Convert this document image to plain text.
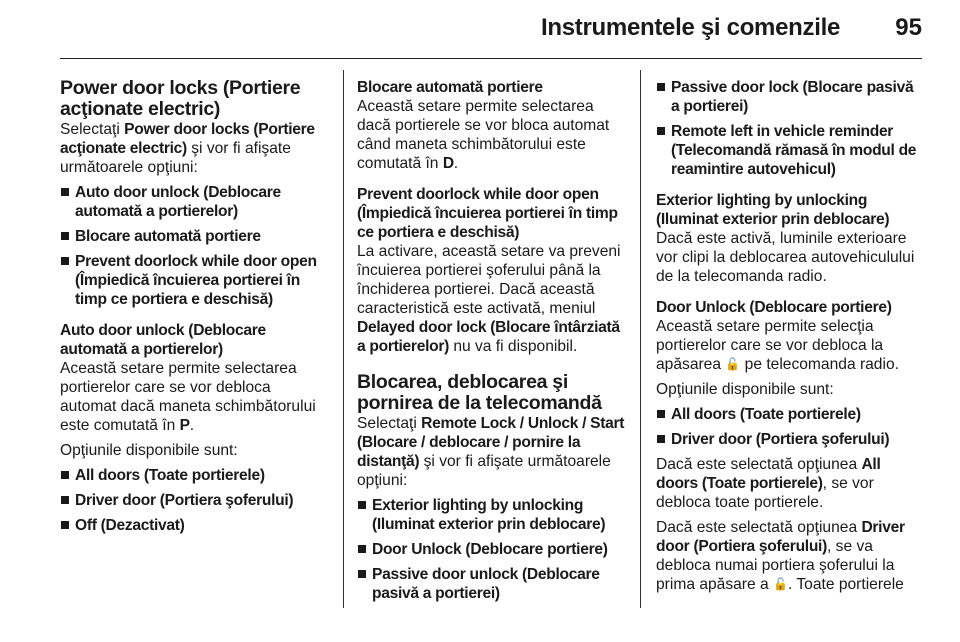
Instrumentele şi comenzile 95
Power door locks (Portiere acţionate electric)

Selectaţi Power door locks (Portiere acţionate electric) şi vor fi afişate următoarele opţiuni:

Auto door unlock (Deblocare automată a portierelor)
Blocare automată portiere
Prevent doorlock while door open (Împiedică încuierea portierei în timp ce portiera e deschisă)

Auto door unlock (Deblocare automată a portierelor)

Această setare permite selectarea portierelor care se vor debloca automat dacă maneta schimbătorului este comutată în P.

Opţiunile disponibile sunt:

All doors (Toate portierele)
Driver door (Portiera şoferului)
Off (Dezactivat)

Blocare automată portiere

Această setare permite selectarea dacă portierele se vor bloca automat când maneta schimbătorului este comutată în D.

Prevent doorlock while door open (Împiedică încuierea portierei în timp ce portiera e deschisă)

La activare, această setare va preveni încuierea portierei şoferului până la închiderea portierei. Dacă această caracteristică este activată, meniul Delayed door lock (Blocare întârziată a portierelor) nu va fi disponibil.

Blocarea, deblocarea şi pornirea de la telecomandă

Selectaţi Remote Lock / Unlock / Start (Blocare / deblocare / pornire la distanţă) şi vor fi afişate următoarele opţiuni:

Exterior lighting by unlocking (Iluminat exterior prin deblocare)
Door Unlock (Deblocare portiere)
Passive door unlock (Deblocare pasivă a portierei)
Passive door lock (Blocare pasivă a portierei)
Remote left in vehicle reminder (Telecomandă rămasă în modul de reamintire autovehicul)

Exterior lighting by unlocking (Iluminat exterior prin deblocare)

Dacă este activă, luminile exterioare vor clipi la deblocarea autovehiculului de la telecomanda radio.

Door Unlock (Deblocare portiere)

Această setare permite selecţia portierelor care se vor debloca la apăsarea 🔓 pe telecomanda radio.

Opţiunile disponibile sunt:

All doors (Toate portierele)
Driver door (Portiera şoferului)

Dacă este selectată opţiunea All doors (Toate portierele), se vor debloca toate portierele.

Dacă este selectată opţiunea Driver door (Portiera şoferului), se va debloca numai portiera şoferului la prima apăsare a 🔓. Toate portierele
